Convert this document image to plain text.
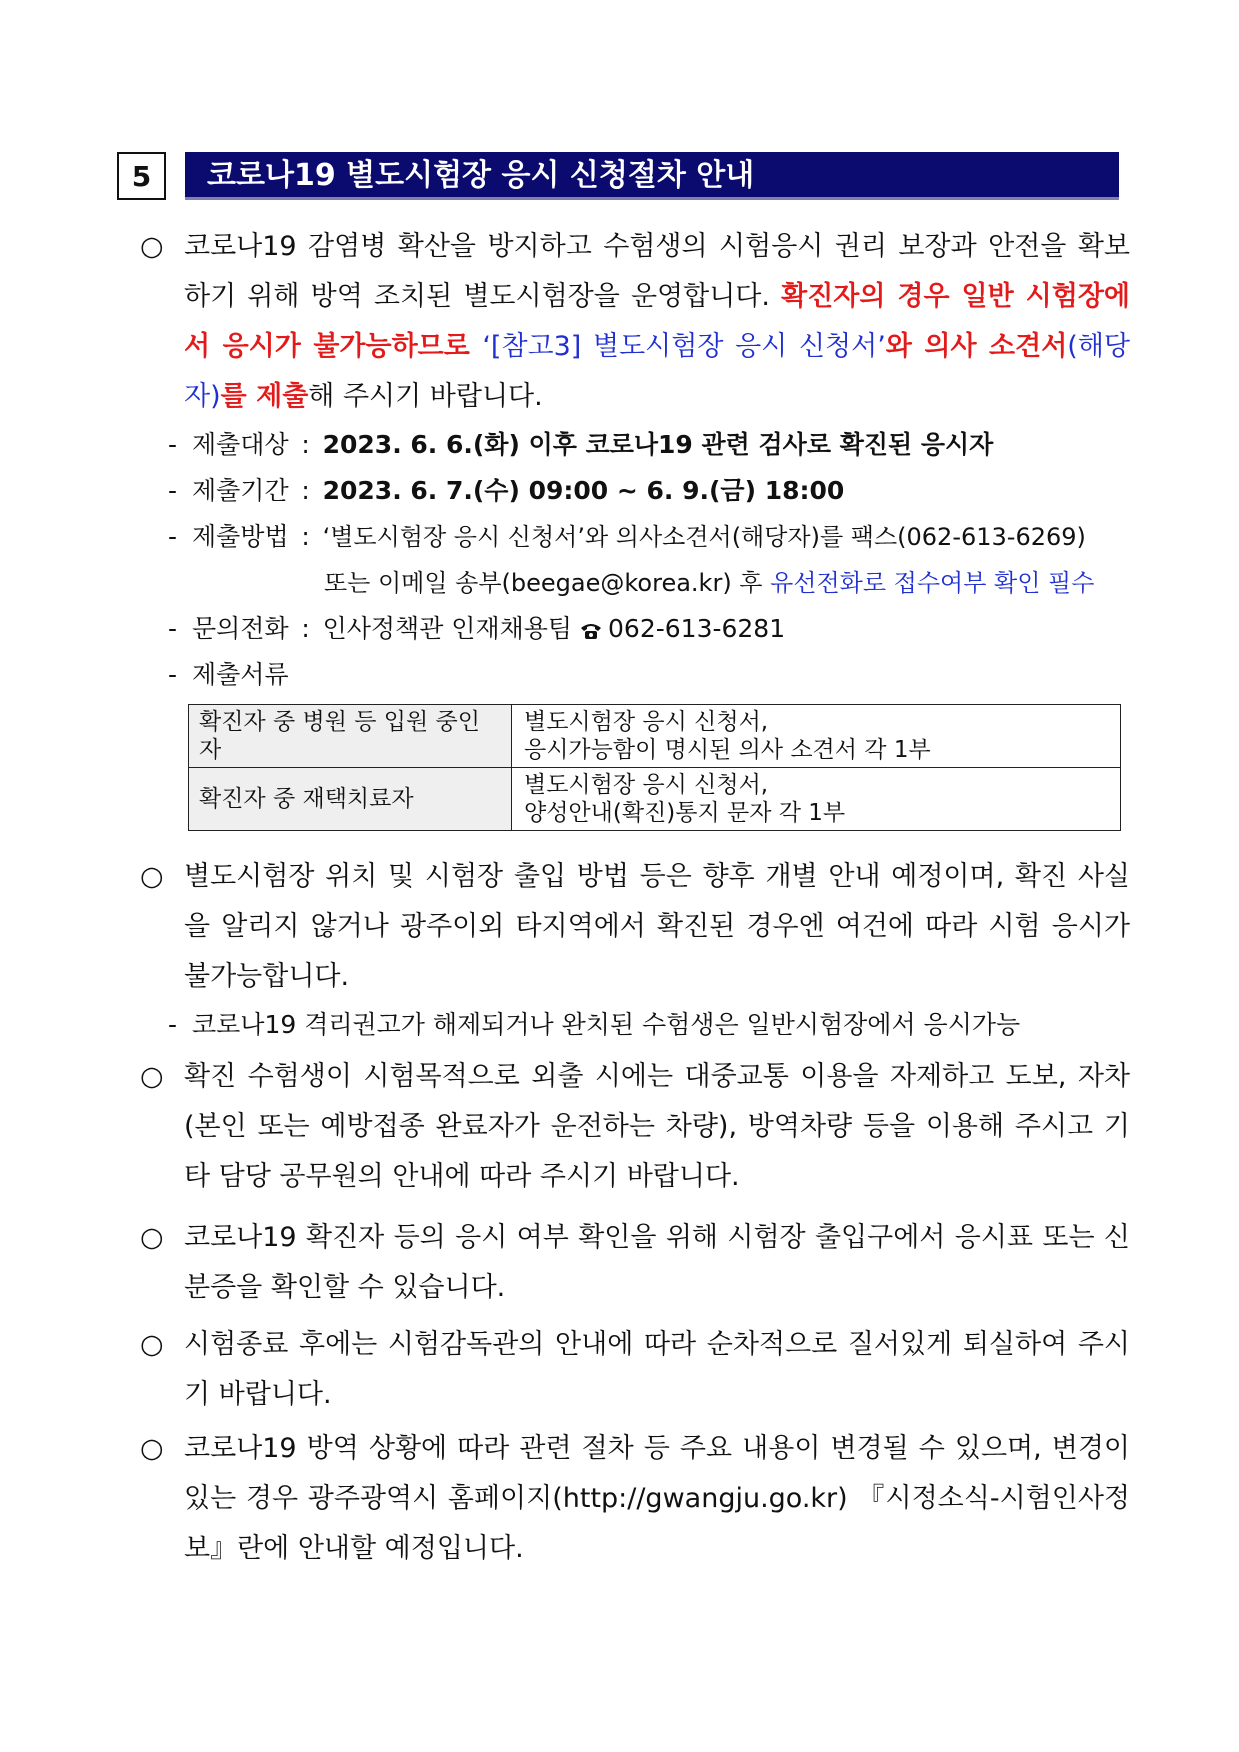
5	코로나19 별도시험장 응시 신청절차 안내
○ 코로나19 감염병 확산을 방지하고 수험생의 시험응시 권리 보장과 안전을 확보하기 위해 방역 조치된 별도시험장을 운영합니다. 확진자의 경우 일반 시험장에서 응시가 불가능하므로 ‘[참고3] 별도시험장 응시 신청서’와 의사 소견서(해당자)를 제출해 주시기 바랍니다.
- 제출대상 : 2023. 6. 6.(화) 이후 코로나19 관련 검사로 확진된 응시자
- 제출기간 : 2023. 6. 7.(수) 09:00 ~ 6. 9.(금) 18:00
- 제출방법 : ‘별도시험장 응시 신청서’와 의사소견서(해당자)를 팩스(062-613-6269)
또는 이메일 송부(beegae@korea.kr) 후 유선전화로 접수여부 확인 필수
- 문의전화 : 인사정책관 인재채용팀 062-613-6281
- 제출서류
확진자 중 병원 등 입원 중인 자	별도시험장 응시 신청서,
응시가능함이 명시된 의사 소견서 각 1부

확진자 중 재택치료자	별도시험장 응시 신청서,
양성안내(확진)통지 문자 각 1부
○ 별도시험장 위치 및 시험장 출입 방법 등은 향후 개별 안내 예정이며, 확진 사실을 알리지 않거나 광주이외 타지역에서 확진된 경우엔 여건에 따라 시험 응시가 불가능합니다.
- 코로나19 격리권고가 해제되거나 완치된 수험생은 일반시험장에서 응시가능
○ 확진 수험생이 시험목적으로 외출 시에는 대중교통 이용을 자제하고 도보, 자차(본인 또는 예방접종 완료자가 운전하는 차량), 방역차량 등을 이용해 주시고 기타 담당 공무원의 안내에 따라 주시기 바랍니다.
○ 코로나19 확진자 등의 응시 여부 확인을 위해 시험장 출입구에서 응시표 또는 신분증을 확인할 수 있습니다.
○ 시험종료 후에는 시험감독관의 안내에 따라 순차적으로 질서있게 퇴실하여 주시기 바랍니다.
○ 코로나19 방역 상황에 따라 관련 절차 등 주요 내용이 변경될 수 있으며, 변경이 있는 경우 광주광역시 홈페이지(http://gwangju.go.kr) 『시정소식-시험인사정보』란에 안내할 예정입니다.
